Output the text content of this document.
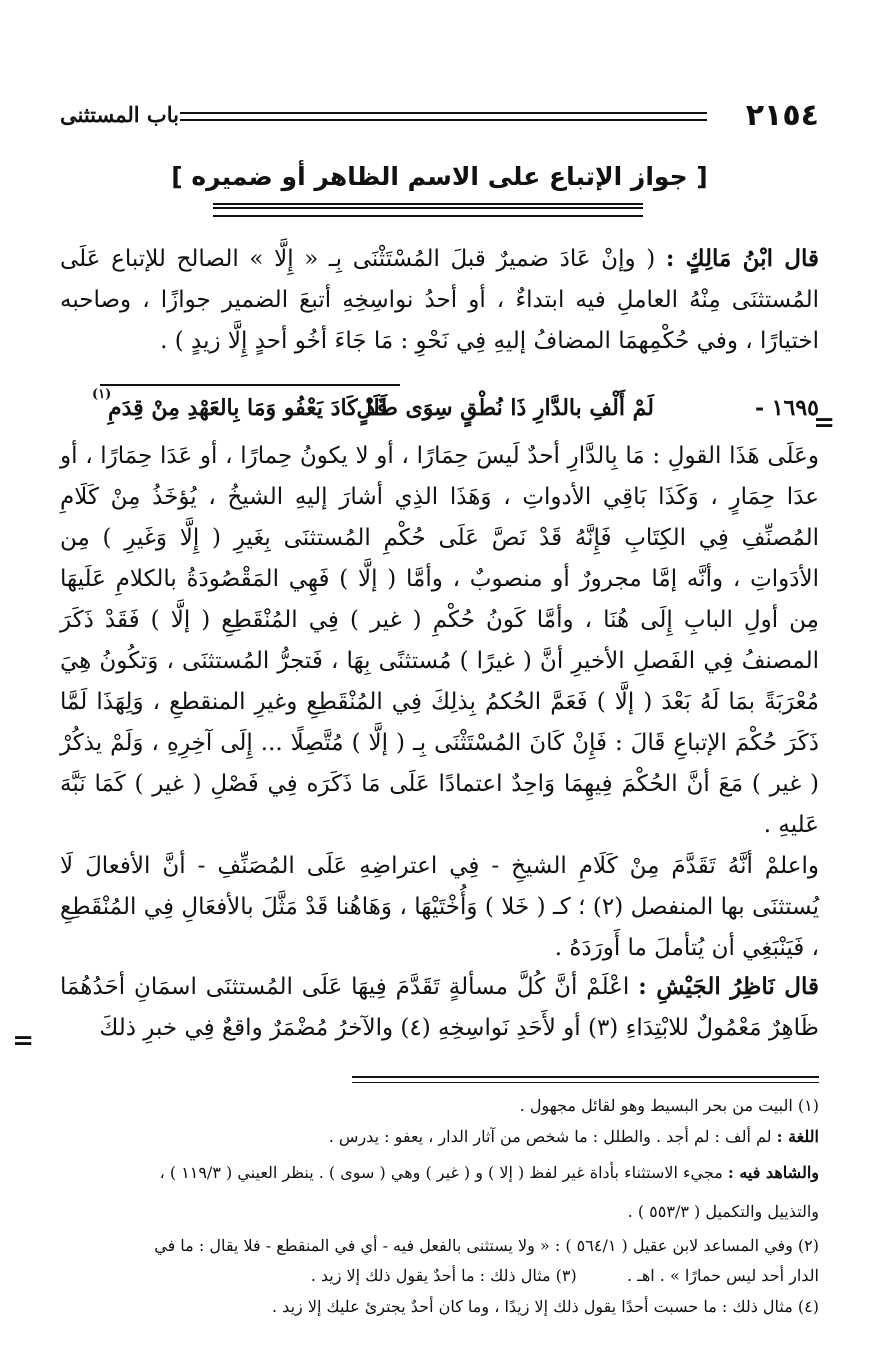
٢١٥٤
باب المستثنى
[ جواز الإتباع على الاسم الظاهر أو ضميره ]
قال ابْنُ مَالِكٍ : ( وإنْ عَادَ ضميرٌ قبلَ المُسْتَثْنَى بِـ « إِلَّا » الصالح للإتباع عَلَى المُستثنَى مِنْهُ العاملِ فيه ابتداءٌ ، أو أحدُ نواسِخِهِ أتبعَ الضمير جوازًا ، وصاحبه اختيارًا ، وفي حُكْمِهمَا المضافُ إليهِ فِي نَحْوِ : مَا جَاءَ أخُو أحدٍ إِلَّا زيدٍ ) .
١٦٩٥ -
لَمْ أَلْفِ بالدَّارِ ذَا نُطْقٍ سِوَى طَلَلٍ
قَدْ كَادَ يَعْفُو وَمَا بِالعَهْدِ مِنْ قِدَمِ
(١)
=
وعَلَى هَذَا القولِ : مَا بِالدَّارِ أحدٌ لَيسَ حِمَارًا ، أو لا يكونُ حِمارًا ، أو عَدَا حِمَارًا ، أو عدَا حِمَارٍ ، وَكَذَا بَاقِي الأدواتِ ، وَهَذَا الذِي أشارَ إليهِ الشيخُ ، يُؤخَذُ مِنْ كَلَامِ المُصنِّفِ فِي الكِتَابِ فَإِنَّهُ قَدْ نَصَّ عَلَى حُكْمِ المُستثنَى بِغَيرِ ( إِلَّا وَغَيرِ ) مِن الأدَواتِ ، وأنَّه إمَّا مجرورٌ أو منصوبٌ ، وأمَّا ( إلَّا ) فَهِي المَقْصُودَةُ بالكلامِ عَلَيهَا مِن أولِ البابِ إِلَى هُنَا ، وأمَّا كَونُ حُكْمِ ( غير ) فِي المُنْقَطِعِ ( إلَّا ) فَقَدْ ذَكَرَ المصنفُ فِي الفَصلِ الأخيرِ أنَّ ( غيرًا ) مُستثنًى بِهَا ، فَتجرُّ المُستثنَى ، وَتكُونُ هِيَ مُعْرَبَةً بمَا لَهُ بَعْدَ ( إلَّا ) فَعَمَّ الحُكمُ بِذلِكَ فِي المُنْقَطِعِ وغيرِ المنقطعِ ، وَلِهَذَا لَمَّا ذَكَرَ حُكْمَ الإتباعِ قَالَ : فَإِنْ كَانَ المُسْتَثْنَى بِـ ( إلَّا ) مُتَّصِلًا ... إِلَى آخِرِهِ ، وَلَمْ يذكُرْ ( غير ) مَعَ أنَّ الحُكْمَ فِيهِمَا وَاحِدٌ اعتمادًا عَلَى مَا ذَكَرَه فِي فَصْلِ ( غير ) كَمَا نَبَّهَ عَليهِ .
واعلمْ أنَّهُ تَقَدَّمَ مِنْ كَلَامِ الشيخِ - فِي اعتراضِهِ عَلَى المُصَنِّفِ - أنَّ الأفعالَ لَا يُستثنَى بها المنفصل (٢) ؛ كـ ( خَلا ) وَأُخْتَيْهَا ، وَهَاهُنا قَدْ مَثَّلَ بالأفعَالِ فِي المُنْقَطِعِ ، فَيَنْبَغِي أن يُتأملَ ما أَورَدَهُ .
قال نَاظِرُ الجَيْشِ : اعْلَمْ أنَّ كُلَّ مسألةٍ تَقَدَّمَ فِيهَا عَلَى المُستثنَى اسمَانِ أحَدُهُمَا ظَاهِرٌ مَعْمُولٌ للابْتِدَاءِ (٣) أو لأَحَدِ نَواسِخِهِ (٤) والآخرُ مُضْمَرٌ واقعٌ فِي خبرِ ذلكَ
=
(١) البيت من بحر البسيط وهو لقائل مجهول .
اللغة : لم ألف : لم أجد . والطلل : ما شخص من آثار الدار ، يعفو : يدرس .
والشاهد فيه : مجيء الاستثناء بأداة غير لفظ ( إلا ) و ( غير ) وهي ( سوى ) . ينظر العيني ( ١١٩/٣ ) ،
والتذييل والتكميل ( ٥٥٣/٣ ) .
(٢) وفي المساعد لابن عقيل ( ٥٦٤/١ ) : « ولا يستثنى بالفعل فيه - أي في المنقطع - فلا يقال : ما في
الدار أحد ليس حمارًا » . اهـ .  (٣) مثال ذلك : ما أحدٌ يقول ذلك إلا زيد .
(٤) مثال ذلك : ما حسبت أحدًا يقول ذلك إلا زيدًا ، وما كان أحدٌ يجترئ عليك إلا زيد .
